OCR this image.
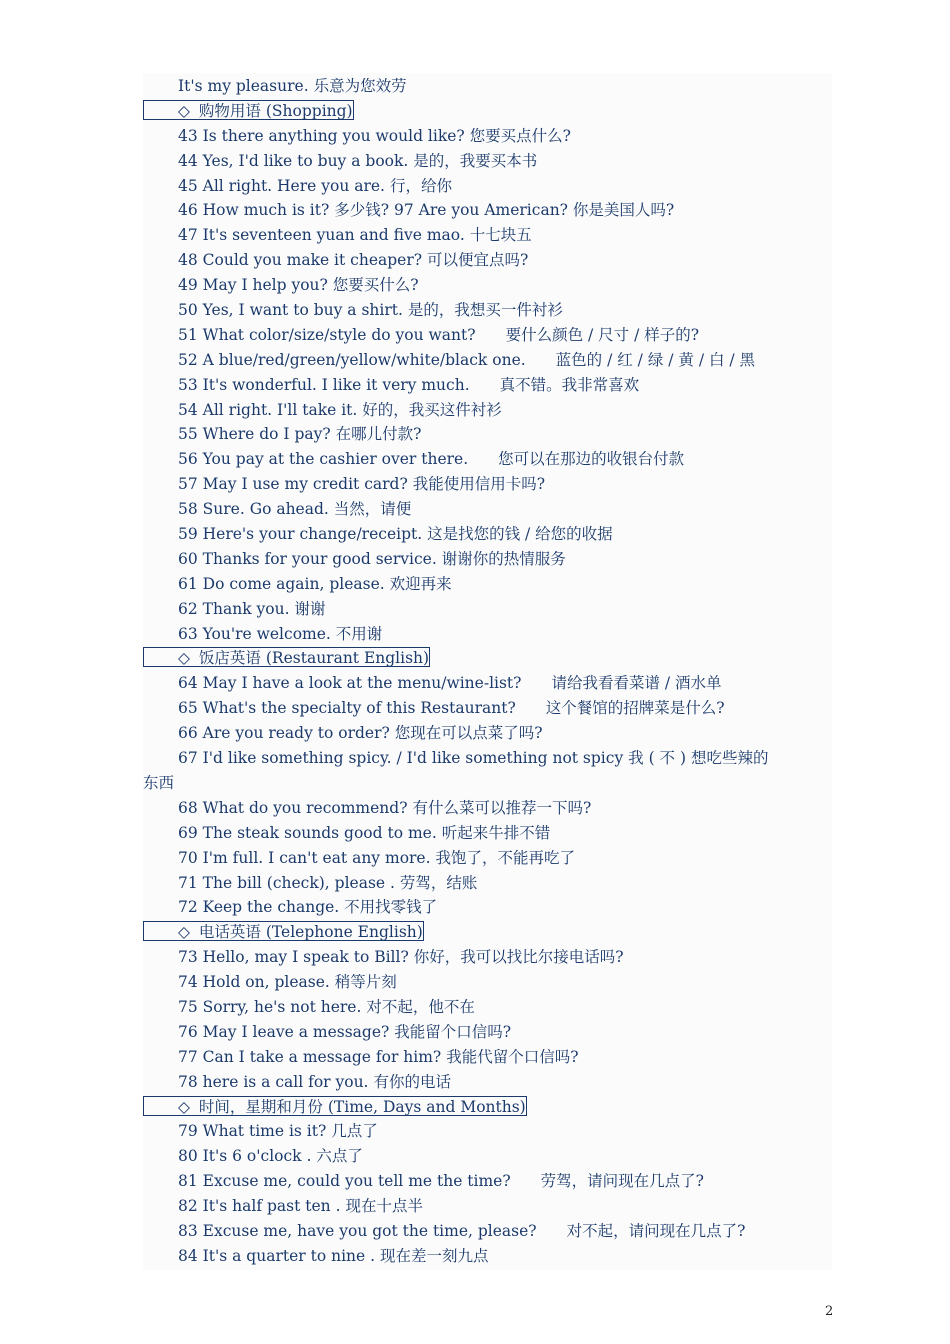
It's my pleasure. 乐意为您效劳
◇ 购物用语 (Shopping)
43 Is there anything you would like? 您要买点什么?
44 Yes, I'd like to buy a book. 是的，我要买本书
45 All right. Here you are. 行，给你
46 How much is it? 多少钱? 97 Are you American? 你是美国人吗?
47 It's seventeen yuan and five mao. 十七块五
48 Could you make it cheaper? 可以便宜点吗?
49 May I help you? 您要买什么?
50 Yes, I want to buy a shirt. 是的，我想买一件衬衫
51 What color/size/style do you want? 要什么颜色 / 尺寸 / 样子的?
52 A blue/red/green/yellow/white/black one. 蓝色的 / 红 / 绿 / 黄 / 白 / 黑
53 It's wonderful. I like it very much. 真不错。我非常喜欢
54 All right. I'll take it. 好的，我买这件衬衫
55 Where do I pay? 在哪儿付款?
56 You pay at the cashier over there. 您可以在那边的收银台付款
57 May I use my credit card? 我能使用信用卡吗?
58 Sure. Go ahead. 当然，请便
59 Here's your change/receipt. 这是找您的钱 / 给您的收据
60 Thanks for your good service. 谢谢你的热情服务
61 Do come again, please. 欢迎再来
62 Thank you. 谢谢
63 You're welcome. 不用谢
◇ 饭店英语 (Restaurant English)
64 May I have a look at the menu/wine-list? 请给我看看菜谱 / 酒水单
65 What's the specialty of this Restaurant? 这个餐馆的招牌菜是什么?
66 Are you ready to order? 您现在可以点菜了吗?
67 I'd like something spicy. / I'd like something not spicy 我 ( 不 ) 想吃些辣的
东西
68 What do you recommend? 有什么菜可以推荐一下吗?
69 The steak sounds good to me. 听起来牛排不错
70 I'm full. I can't eat any more. 我饱了，不能再吃了
71 The bill (check), please . 劳驾，结账
72 Keep the change. 不用找零钱了
◇ 电话英语 (Telephone English)
73 Hello, may I speak to Bill? 你好，我可以找比尔接电话吗?
74 Hold on, please. 稍等片刻
75 Sorry, he's not here. 对不起，他不在
76 May I leave a message? 我能留个口信吗?
77 Can I take a message for him? 我能代留个口信吗?
78 here is a call for you. 有你的电话
◇ 时间，星期和月份 (Time, Days and Months)
79 What time is it? 几点了
80 It's 6 o'clock . 六点了
81 Excuse me, could you tell me the time? 劳驾，请问现在几点了?
82 It's half past ten . 现在十点半
83 Excuse me, have you got the time, please? 对不起，请问现在几点了?
84 It's a quarter to nine . 现在差一刻九点
2
